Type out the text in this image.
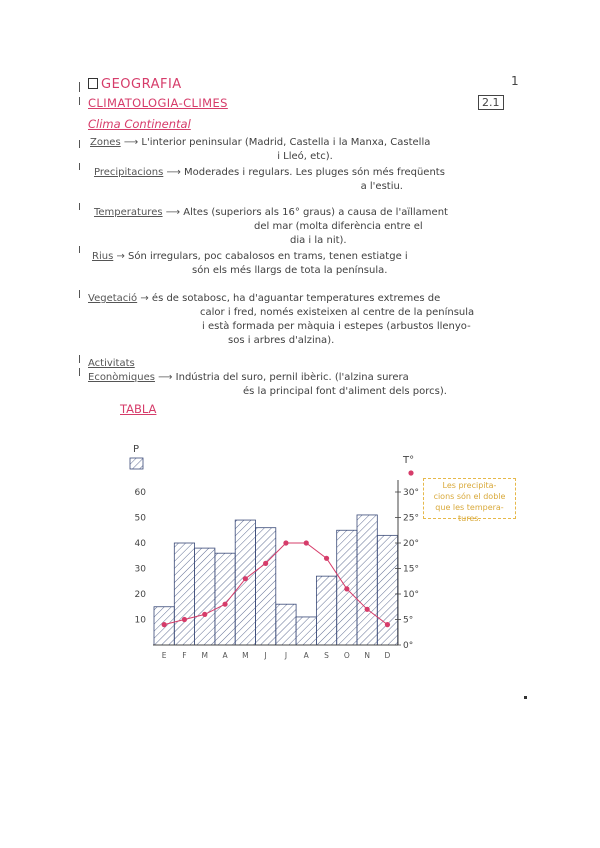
1
GEOGRAFIA
CLIMATOLOGIA-CLIMES	2.1
Clima Continental
Zones ⟶ L'interior peninsular (Madrid, Castella i la Manxa, Castella
i Lleó, etc).
Precipitacions ⟶ Moderades i regulars. Les pluges són més freqüents
a l'estiu.
Temperatures ⟶ Altes (superiors als 16° graus) a causa de l'aïllament
del mar (molta diferència entre el
dia i la nit).
Rius → Són irregulars, poc cabalosos en trams, tenen estiatge i
són els més llargs de tota la península.
Vegetació → és de sotabosc, ha d'aguantar temperatures extremes de
calor i fred, només existeixen al centre de la península
i està formada per màquia i estepes (arbustos llenyo-
sos i arbres d'alzina).
Activitats
Econòmiques ⟶ Indústria del suro, pernil ibèric. (l'alzina surera
és la principal font d'aliment dels porcs).
TABLA
E F M A M J J A S O N D
10
20
30
40
50
60
0°
5°
10°
15°
20°
25°
30°
P
T°
Les precipita-
cions són el doble
que les tempera-
tures.
